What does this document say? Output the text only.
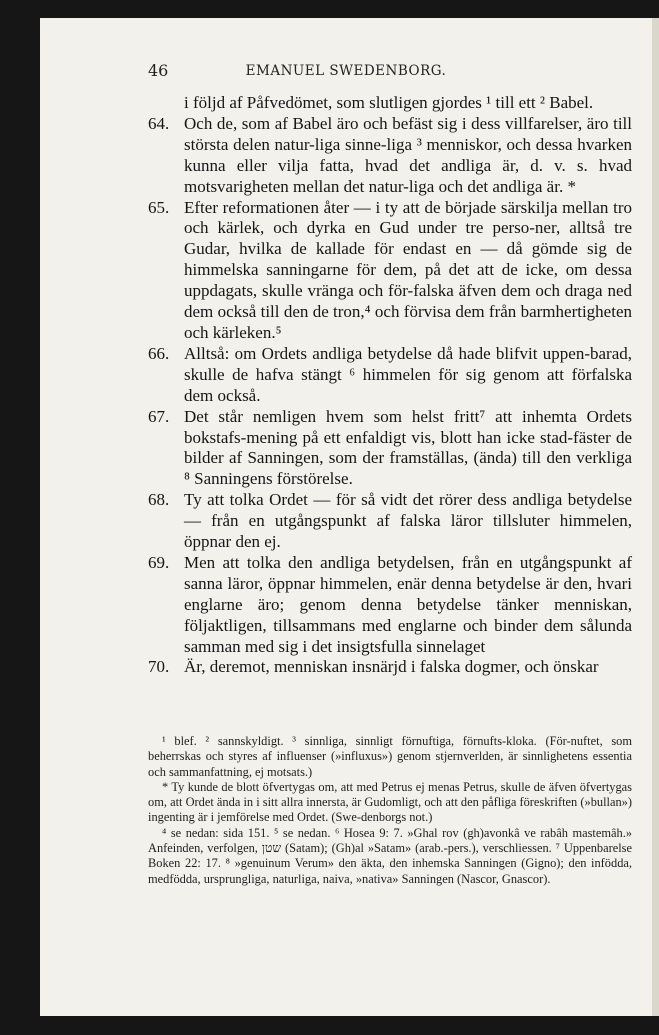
46	EMANUEL SWEDENBORG.
i följd af Påfvedömet, som slutligen gjordes ¹ till ett ² Babel.
64. Och de, som af Babel äro och befäst sig i dess villfarelser, äro till största delen natur-liga sinne-liga ³ menniskor, och dessa hvarken kunna eller vilja fatta, hvad det andliga är, d. v. s. hvad motsvarigheten mellan det natur-liga och det andliga är. *
65. Efter reformationen åter — i ty att de började särskilja mellan tro och kärlek, och dyrka en Gud under tre perso-ner, alltså tre Gudar, hvilka de kallade för endast en — då gömde sig de himmelska sanningarne för dem, på det att de icke, om dessa uppdagats, skulle vränga och för-falska äfven dem och draga ned dem också till den de tron,⁴ och förvisa dem från barmhertigheten och kärleken.⁵
66. Alltså: om Ordets andliga betydelse då hade blifvit uppen-barad, skulle de hafva stängt ⁶ himmelen för sig genom att förfalska dem också.
67. Det står nemligen hvem som helst fritt⁷ att inhemta Ordets bokstafs-mening på ett enfaldigt vis, blott han icke stad-fäster de bilder af Sanningen, som der framställas, (ända) till den verkliga ⁸ Sanningens förstörelse.
68. Ty att tolka Ordet — för så vidt det rörer dess andliga betydelse — från en utgångspunkt af falska läror tillsluter himmelen, öppnar den ej.
69. Men att tolka den andliga betydelsen, från en utgångspunkt af sanna läror, öppnar himmelen, enär denna betydelse är den, hvari englarne äro; genom denna betydelse tänker menniskan, följaktligen, tillsammans med englarne och binder dem sålunda samman med sig i det insigtsfulla sinnelaget
70. Är, deremot, menniskan insnärjd i falska dogmer, och önskar
¹ blef. ² sannskyldigt. ³ sinnliga, sinnligt förnuftiga, förnufts-kloka. (För-nuftet, som beherrskas och styres af influenser (»influxus») genom stjernverlden, är sinnlighetens essentia och sammanfattning, ej motsats.)
* Ty kunde de blott öfvertygas om, att med Petrus ej menas Petrus, skulle de äfven öfvertygas om, att Ordet ända in i sitt allra innersta, är Gudomligt, och att den påfliga föreskriften (»bullan») ingenting är i jemförelse med Ordet. (Swe-denborgs not.)
⁴ se nedan: sida 151. ⁵ se nedan. ⁶ Hosea 9: 7. »Ghal rov (gh)avonkâ ve rabâh mastemâh.» Anfeinden, verfolgen, שטן (Satam); (Gh)al »Satam» (arab.-pers.), verschliessen. ⁷ Uppenbarelse Boken 22: 17. ⁸ »genuinum Verum» den äkta, den inhemska Sanningen (Gigno); den infödda, medfödda, ursprungliga, naturliga, naiva, »nativa» Sanningen (Nascor, Gnascor).
